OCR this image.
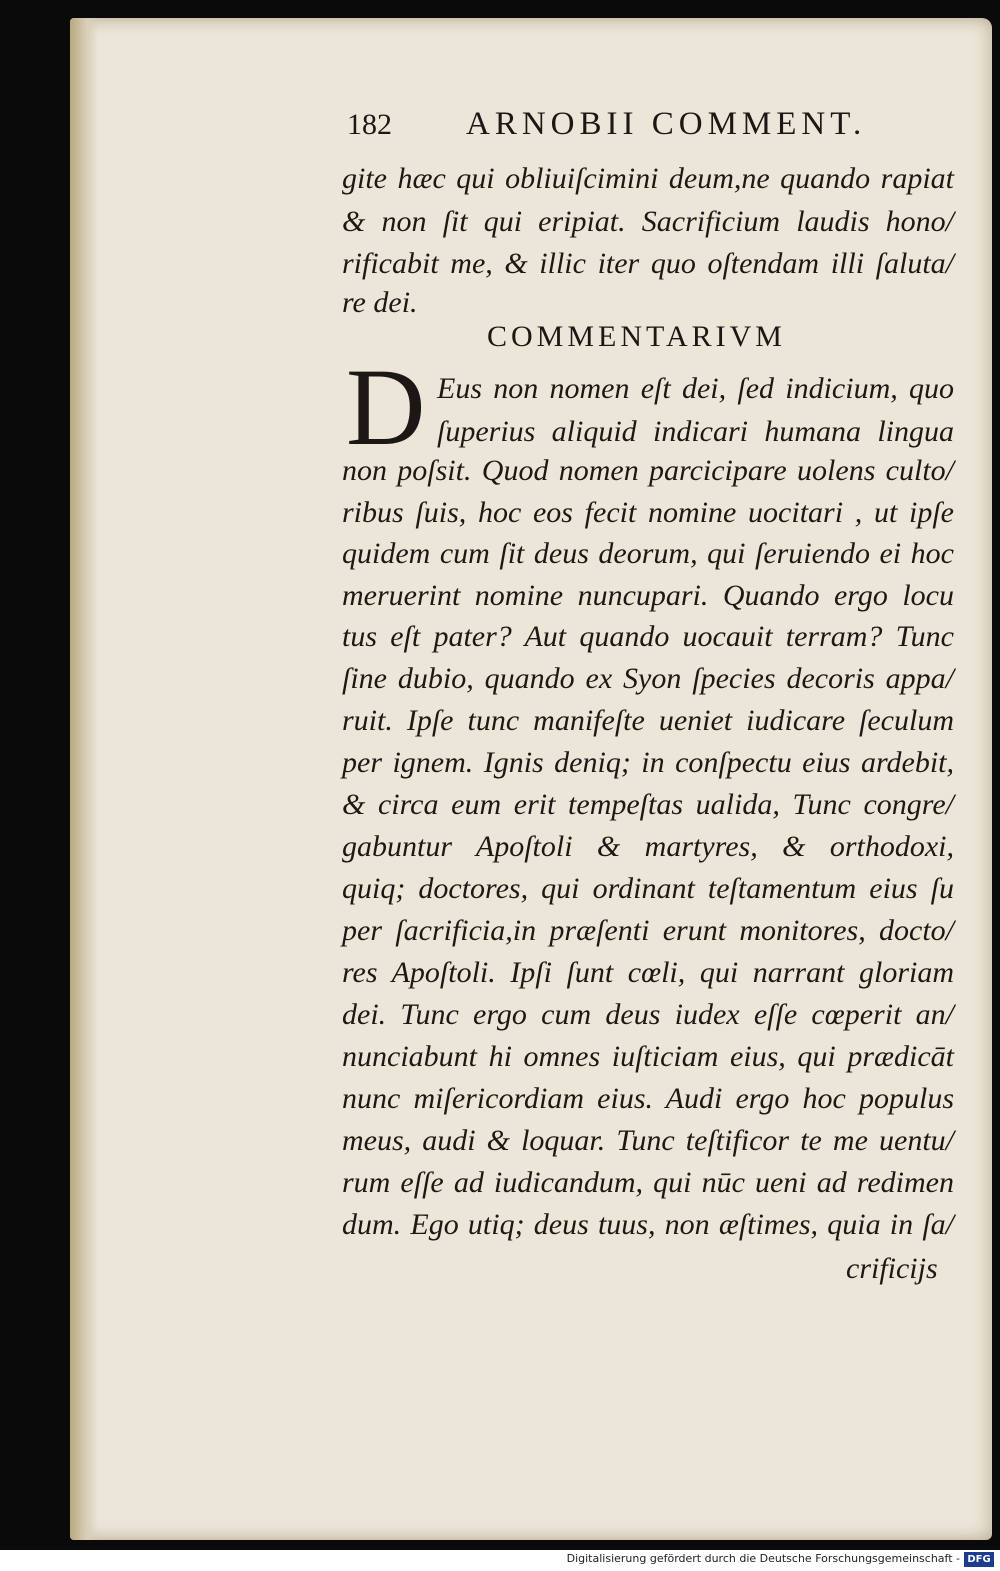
182 ARNOBII COMMENT.
gite hæc qui obliuiſcimini deum,ne quando rapiat
& non ſit qui eripiat. Sacrificium laudis hono/
rificabit me, & illic iter quo oſtendam illi ſaluta/
re dei.
COMMENTARIVM
D Eus non nomen eſt dei, ſed indicium, quo
ſuperius aliquid indicari humana lingua
non poſsit. Quod nomen parcicipare uolens culto/
ribus ſuis, hoc eos fecit nomine uocitari , ut ipſe
quidem cum ſit deus deorum, qui ſeruiendo ei hoc
meruerint nomine nuncupari. Quando ergo locu
tus eſt pater? Aut quando uocauit terram? Tunc
ſine dubio, quando ex Syon ſpecies decoris appa/
ruit. Ipſe tunc manifeſte ueniet iudicare ſeculum
per ignem. Ignis deniq; in conſpectu eius ardebit,
& circa eum erit tempeſtas ualida, Tunc congre/
gabuntur Apoſtoli & martyres, & orthodoxi,
quiq; doctores, qui ordinant teſtamentum eius ſu
per ſacrificia,in præſenti erunt monitores, docto/
res Apoſtoli. Ipſi ſunt cœli, qui narrant gloriam
dei. Tunc ergo cum deus iudex eſſe cœperit an/
nunciabunt hi omnes iuſticiam eius, qui prædicāt
nunc miſericordiam eius. Audi ergo hoc populus
meus, audi & loquar. Tunc teſtificor te me uentu/
rum eſſe ad iudicandum, qui nūc ueni ad redimen
dum. Ego utiq; deus tuus, non æſtimes, quia in ſa/
crificijs
Digitalisierung gefördert durch die Deutsche Forschungsgemeinschaft - DFG
